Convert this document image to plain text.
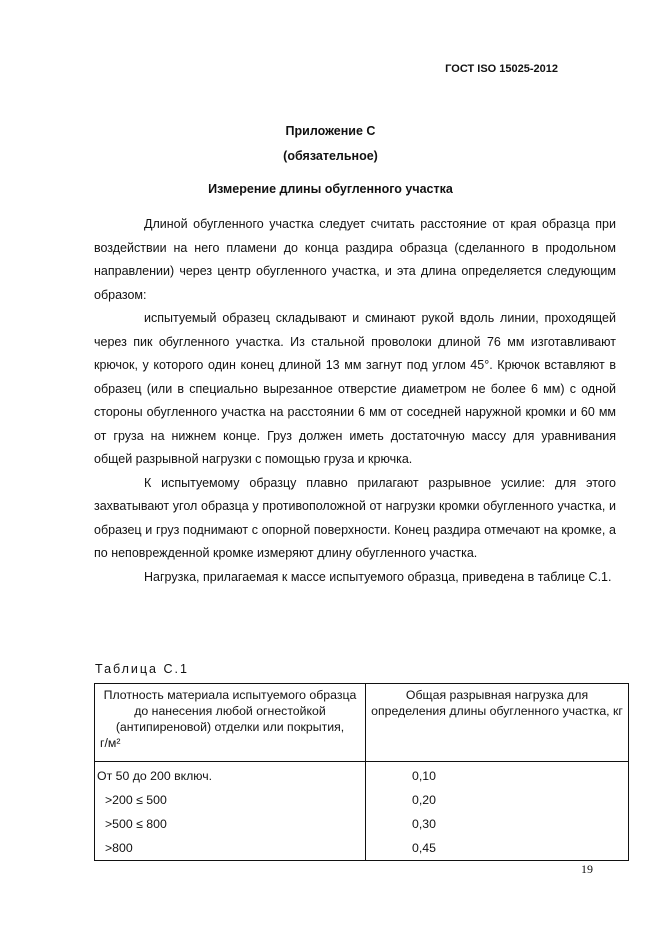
ГОСТ ISO 15025-2012
Приложение С
(обязательное)
Измерение длины обугленного участка

Длиной обугленного участка следует считать расстояние от края образца при воздействии на него пламени до конца раздира образца (сделанного в продольном направлении) через центр обугленного участка, и эта длина определяется следующим образом:

испытуемый образец складывают и сминают рукой вдоль линии, проходящей через пик обугленного участка. Из стальной проволоки длиной 76 мм изготавливают крючок, у которого один конец длиной 13 мм загнут под углом 45°. Крючок вставляют в образец (или в специально вырезанное отверстие диаметром не более 6 мм) с одной стороны обугленного участка на расстоянии 6 мм от соседней наружной кромки и 60 мм от груза на нижнем конце. Груз должен иметь достаточную массу для уравнивания общей разрывной нагрузки с помощью груза и крючка.

К испытуемому образцу плавно прилагают разрывное усилие: для этого захватывают угол образца у противоположной от нагрузки кромки обугленного участка, и образец и груз поднимают с опорной поверхности. Конец раздира отмечают на кромке, а по неповрежденной кромке измеряют длину обугленного участка.

Нагрузка, прилагаемая к массе испытуемого образца, приведена в таблице С.1.

Таблица С.1
Плотность материала испытуемого образца до нанесения любой огнестойкой (антипиреновой) отделки или покрытия,
г/м²	Общая разрывная нагрузка для определения длины обугленного участка, кг
От 50 до 200 включ.	0,10
>200 ≤ 500	0,20
>500 ≤ 800	0,30
>800	0,45
19
